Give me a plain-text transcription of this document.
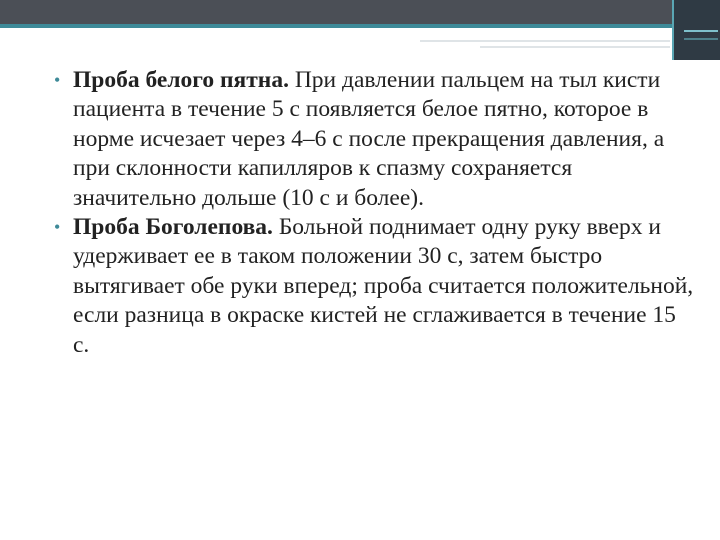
• Проба белого пятна. При давлении пальцем на тыл кисти пациента в течение 5 с появляется белое пятно, которое в норме исчезает через 4–6 с после прекращения давления, а при склонности капилляров к спазму сохраняется значительно дольше (10 с и более).

• Проба Боголепова. Больной поднимает одну руку вверх и удерживает ее в таком положении 30 с, затем быстро вытягивает обе руки вперед; проба считается положительной, если разница в окраске кистей не сглаживается в течение 15 с.
